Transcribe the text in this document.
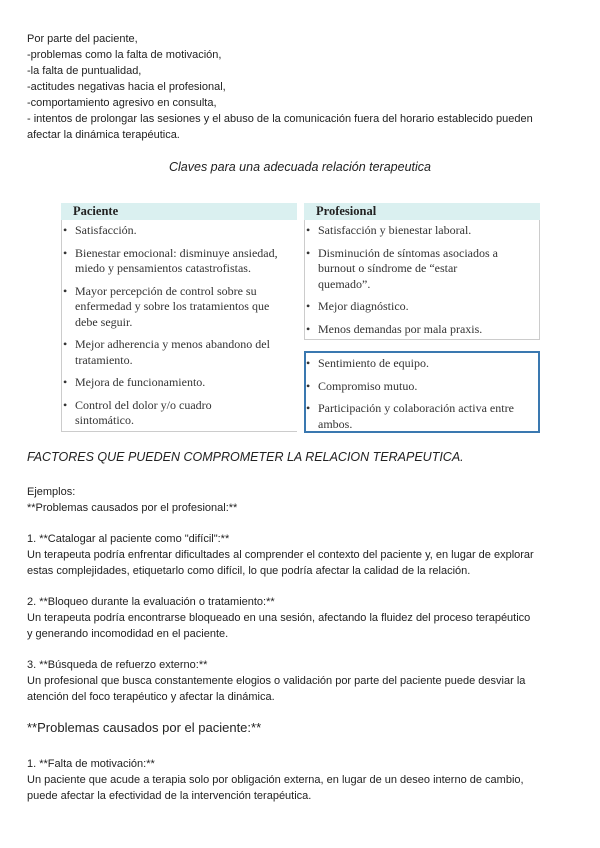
Por parte del paciente,
-problemas como la falta de motivación,
-la falta de puntualidad,
-actitudes negativas hacia el profesional,
-comportamiento agresivo en consulta,
- intentos de prolongar las sesiones y el abuso de la comunicación fuera del horario establecido pueden
afectar la dinámica terapéutica.
Claves para una adecuada relación terapeutica
Paciente
• Satisfacción.
• Bienestar emocional: disminuye ansiedad,
miedo y pensamientos catastrofistas.
• Mayor percepción de control sobre su
enfermedad y sobre los tratamientos que
debe seguir.
• Mejor adherencia y menos abandono del
tratamiento.
• Mejora de funcionamiento.
• Control del dolor y/o cuadro
sintomático.
Profesional
• Satisfacción y bienestar laboral.
• Disminución de síntomas asociados a
burnout o síndrome de “estar
quemado”.
• Mejor diagnóstico.
• Menos demandas por mala praxis.
• Sentimiento de equipo.
• Compromiso mutuo.
• Participación y colaboración activa entre
ambos.
FACTORES QUE PUEDEN COMPROMETER LA RELACION TERAPEUTICA.
Ejemplos:
**Problemas causados por el profesional:**
1. **Catalogar al paciente como "difícil":**
Un terapeuta podría enfrentar dificultades al comprender el contexto del paciente y, en lugar de explorar
estas complejidades, etiquetarlo como difícil, lo que podría afectar la calidad de la relación.
2. **Bloqueo durante la evaluación o tratamiento:**
Un terapeuta podría encontrarse bloqueado en una sesión, afectando la fluidez del proceso terapéutico
y generando incomodidad en el paciente.
3. **Búsqueda de refuerzo externo:**
Un profesional que busca constantemente elogios o validación por parte del paciente puede desviar la
atención del foco terapéutico y afectar la dinámica.
**Problemas causados por el paciente:**
1. **Falta de motivación:**
Un paciente que acude a terapia solo por obligación externa, en lugar de un deseo interno de cambio,
puede afectar la efectividad de la intervención terapéutica.
